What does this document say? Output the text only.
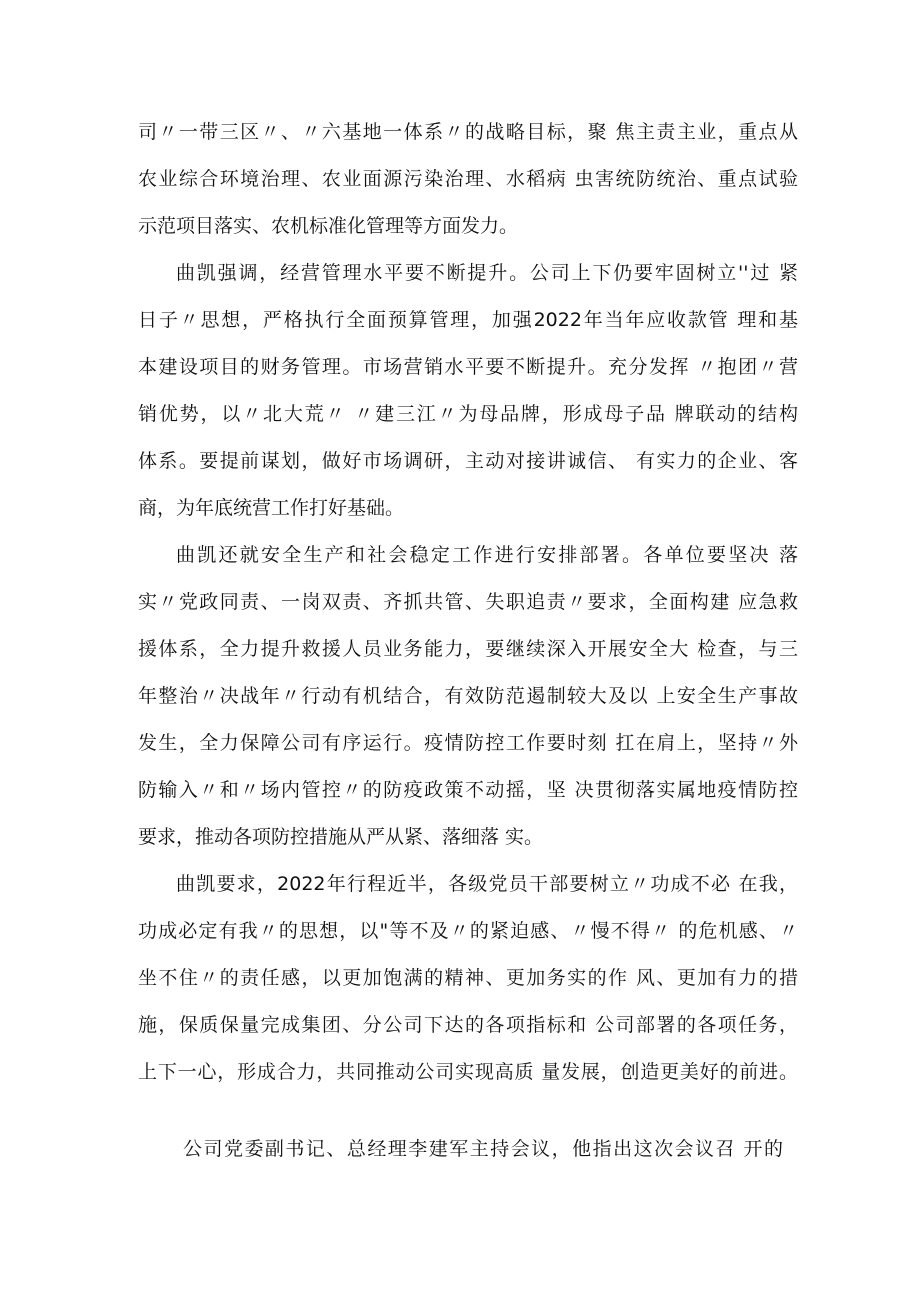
司〃一带三区〃、〃六基地一体系〃的战略目标，聚 焦主责主业，重点从
农业综合环境治理、农业面源污染治理、水稻病 虫害统防统治、重点试验
示范项目落实、农机标准化管理等方面发力。
曲凯强调，经营管理水平要不断提升。公司上下仍要牢固树立''过 紧
日子〃思想，严格执行全面预算管理，加强2022年当年应收款管 理和基
本建设项目的财务管理。市场营销水平要不断提升。充分发挥 〃抱团〃营
销优势，以〃北大荒〃 〃建三江〃为母品牌，形成母子品 牌联动的结构
体系。要提前谋划，做好市场调研，主动对接讲诚信、 有实力的企业、客
商，为年底统营工作打好基础。
曲凯还就安全生产和社会稳定工作进行安排部署。各单位要坚决 落
实〃党政同责、一岗双责、齐抓共管、失职追责〃要求，全面构建 应急救
援体系，全力提升救援人员业务能力，要继续深入开展安全大 检查，与三
年整治〃决战年〃行动有机结合，有效防范遏制较大及以 上安全生产事故
发生，全力保障公司有序运行。疫情防控工作要时刻 扛在肩上，坚持〃外
防输入〃和〃场内管控〃的防疫政策不动摇，坚 决贯彻落实属地疫情防控
要求，推动各项防控措施从严从紧、落细落 实。
曲凯要求，2022年行程近半，各级党员干部要树立〃功成不必 在我，
功成必定有我〃的思想，以"等不及〃的紧迫感、〃慢不得〃 的危机感、〃
坐不住〃的责任感，以更加饱满的精神、更加务实的作 风、更加有力的措
施，保质保量完成集团、分公司下达的各项指标和 公司部署的各项任务，
上下一心，形成合力，共同推动公司实现高质 量发展，创造更美好的前进。
公司党委副书记、总经理李建军主持会议，他指出这次会议召 开的
